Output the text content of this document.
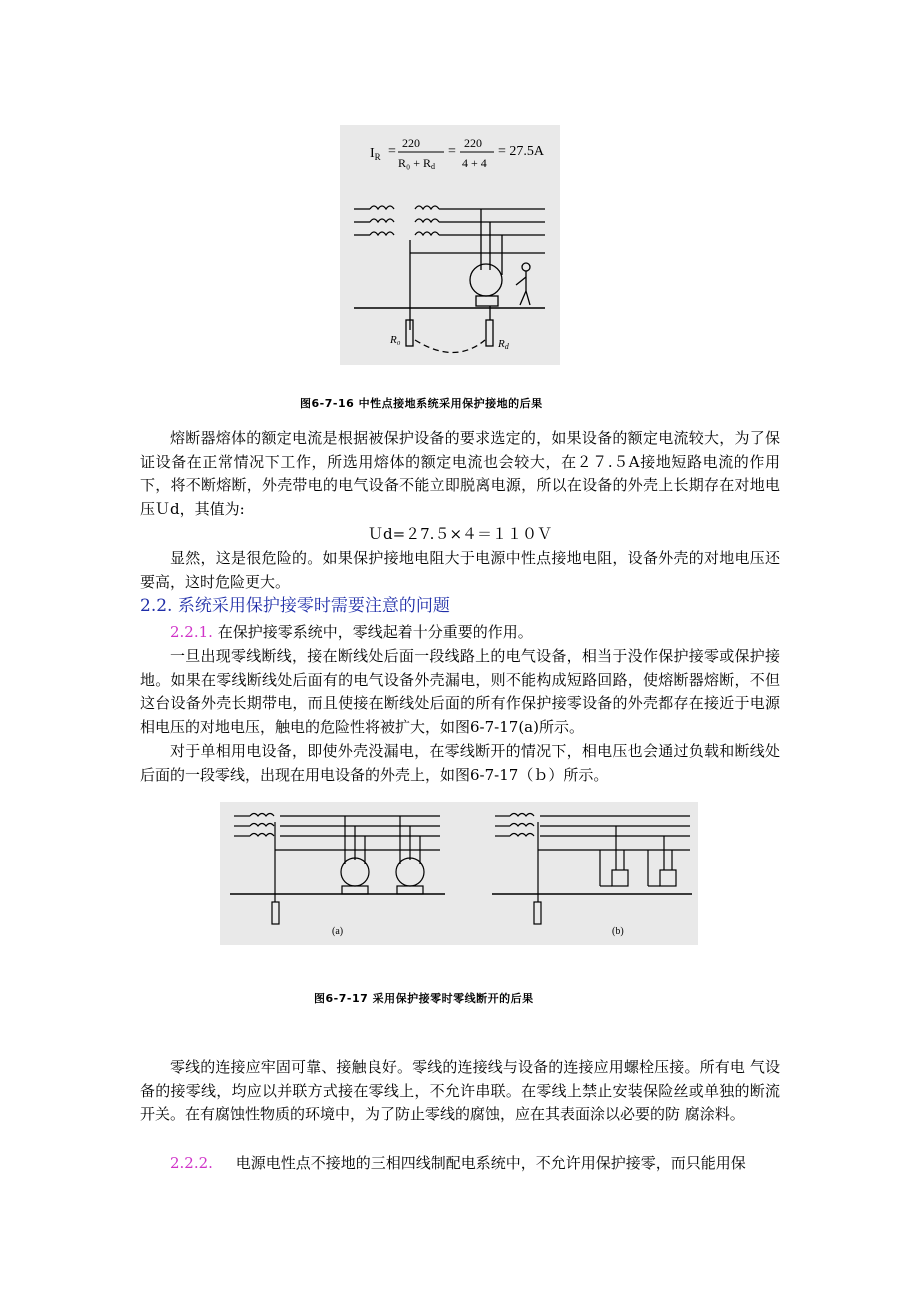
$I_R$ =
220
R₀ + Rd
=
220
4 + 4
= 27.5A
R₀	Rd
图6-7-16 中性点接地系统采用保护接地的后果

熔断器熔体的额定电流是根据被保护设备的要求选定的，如果设备的额定电流较大，为了保证设备在正常情况下工作，所选用熔体的额定电流也会较大，在２７.５A接地短路电流的作用下，将不断熔断，外壳带电的电气设备不能立即脱离电源，所以在设备的外壳上长期存在对地电压Ｕd，其值为:

Ｕd=２7.５×４＝１１０Ｖ

显然，这是很危险的。如果保护接地电阻大于电源中性点接地电阻，设备外壳的对地电压还要高，这时危险更大。

2.2. 系统采用保护接零时需要注意的问题

2.2.1. 在保护接零系统中，零线起着十分重要的作用。

一旦出现零线断线，接在断线处后面一段线路上的电气设备，相当于没作保护接零或保护接地。如果在零线断线处后面有的电气设备外壳漏电，则不能构成短路回路，使熔断器熔断，不但这台设备外壳长期带电，而且使接在断线处后面的所有作保护接零设备的外壳都存在接近于电源相电压的对地电压，触电的危险性将被扩大，如图6-7-17(a)所示。

对于单相用电设备，即使外壳没漏电，在零线断开的情况下，相电压也会通过负载和断线处后面的一段零线，出现在用电设备的外壳上，如图6-7-17（ｂ）所示。

(a)	(b)
图6-7-17 采用保护接零时零线断开的后果

零线的连接应牢固可靠、接触良好。零线的连接线与设备的连接应用螺栓压接。所有电 气设备的接零线，均应以并联方式接在零线上，不允许串联。在零线上禁止安装保险丝或单独的断流开关。在有腐蚀性物质的环境中，为了防止零线的腐蚀，应在其表面涂以必要的防 腐涂料。

2.2.2. 电源电性点不接地的三相四线制配电系统中，不允许用保护接零，而只能用保
